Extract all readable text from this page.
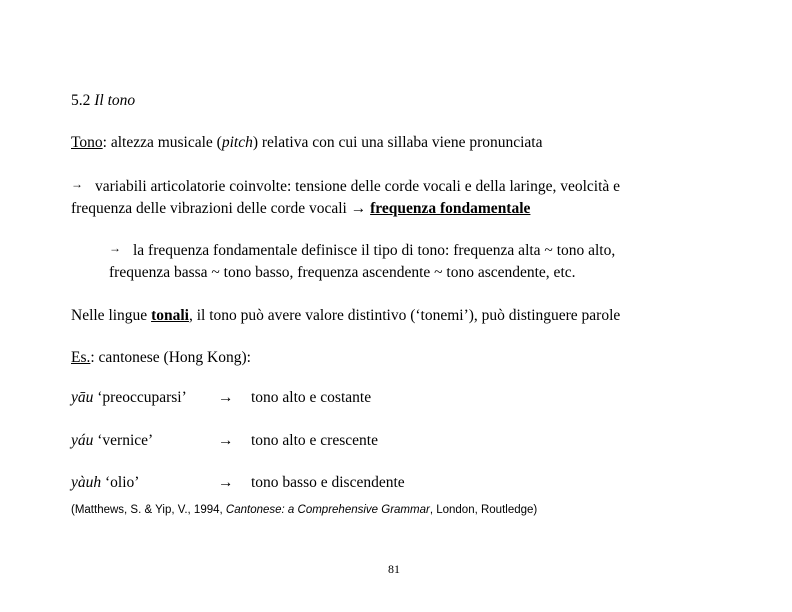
5.2 Il tono
Tono: altezza musicale (pitch) relativa con cui una sillaba viene pronunciata
→ variabili articolatorie coinvolte: tensione delle corde vocali e della laringe, veolcità e
frequenza delle vibrazioni delle corde vocali → frequenza fondamentale
→ la frequenza fondamentale definisce il tipo di tono: frequenza alta ~ tono alto,
frequenza bassa ~ tono basso, frequenza ascendente ~ tono ascendente, etc.
Nelle lingue tonali, il tono può avere valore distintivo (‘tonemi’), può distinguere parole
Es.: cantonese (Hong Kong):
yāu ‘preoccuparsi’ → tono alto e costante
yáu ‘vernice’	→ tono alto e crescente
yàuh ‘olio’	→ tono basso e discendente
(Matthews, S. & Yip, V., 1994, Cantonese: a Comprehensive Grammar, London, Routledge)
81
